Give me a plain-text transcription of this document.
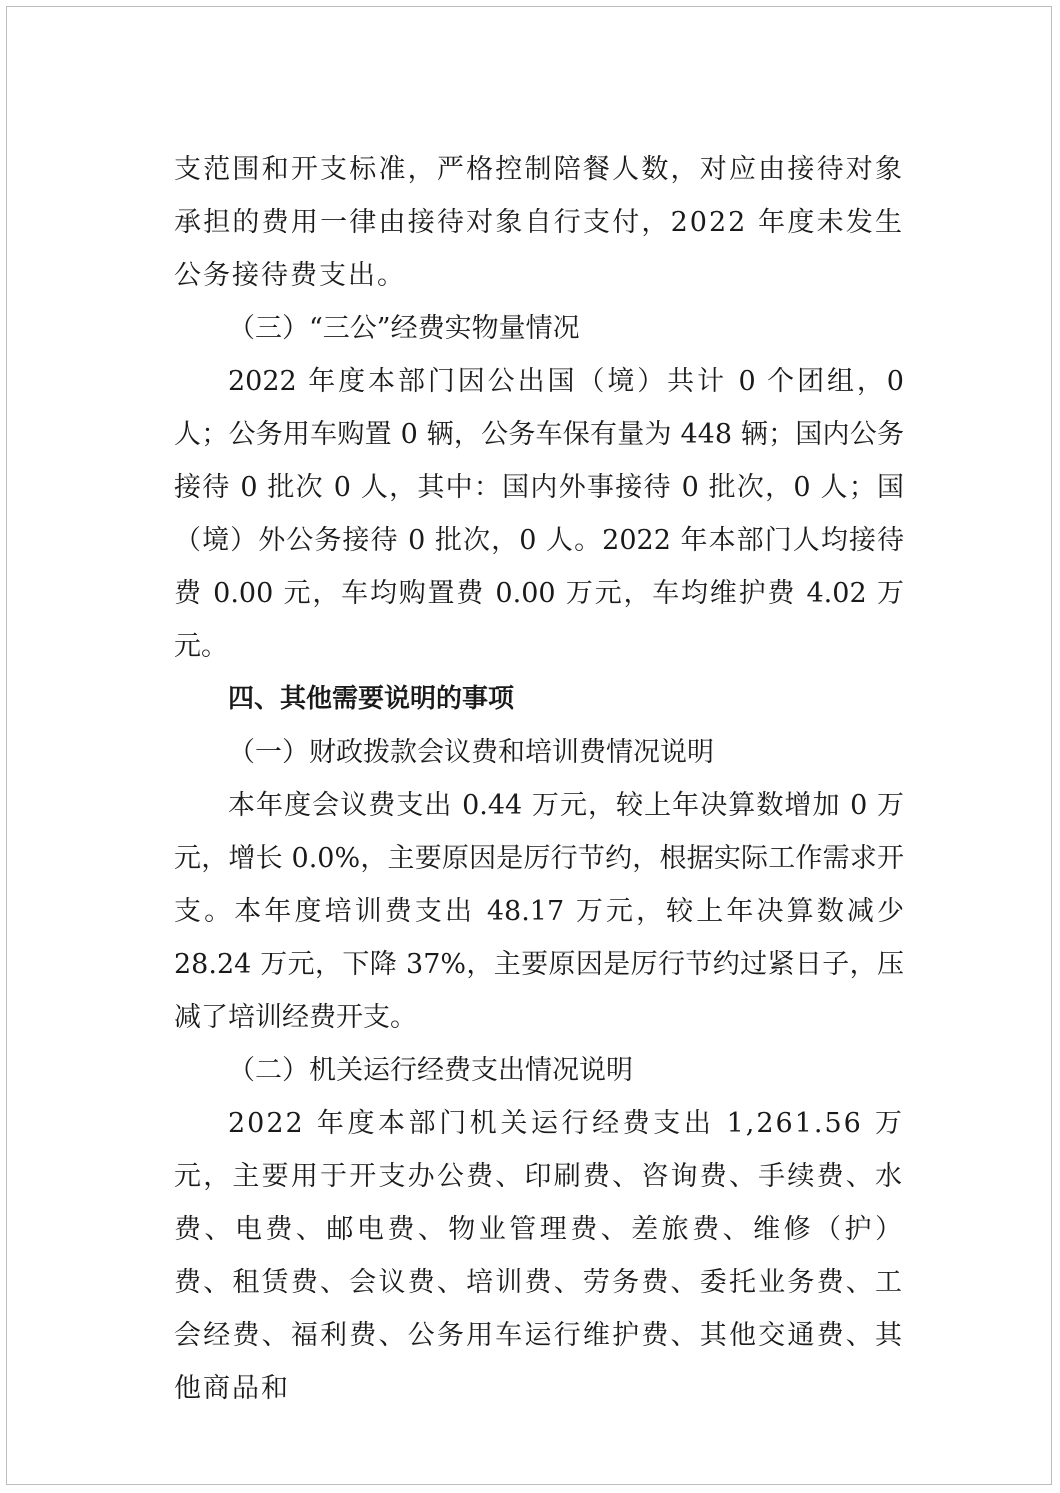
支范围和开支标准，严格控制陪餐人数，对应由接待对象承担的费用一律由接待对象自行支付，2022 年度未发生公务接待费支出。

（三）“三公”经费实物量情况

2022 年度本部门因公出国（境）共计 0 个团组，0 人；公务用车购置 0 辆，公务车保有量为 448 辆；国内公务接待 0 批次 0 人，其中：国内外事接待 0 批次，0 人；国（境）外公务接待 0 批次，0 人。2022 年本部门人均接待费 0.00 元，车均购置费 0.00 万元，车均维护费 4.02 万元。

四、其他需要说明的事项

（一）财政拨款会议费和培训费情况说明

本年度会议费支出 0.44 万元，较上年决算数增加 0 万元，增长 0.0%，主要原因是厉行节约，根据实际工作需求开支。本年度培训费支出 48.17 万元，较上年决算数减少 28.24 万元，下降 37%，主要原因是厉行节约过紧日子，压减了培训经费开支。

（二）机关运行经费支出情况说明

2022 年度本部门机关运行经费支出 1,261.56 万元，主要用于开支办公费、印刷费、咨询费、手续费、水费、电费、邮电费、物业管理费、差旅费、维修（护）费、租赁费、会议费、培训费、劳务费、委托业务费、工会经费、福利费、公务用车运行维护费、其他交通费、其他商品和
